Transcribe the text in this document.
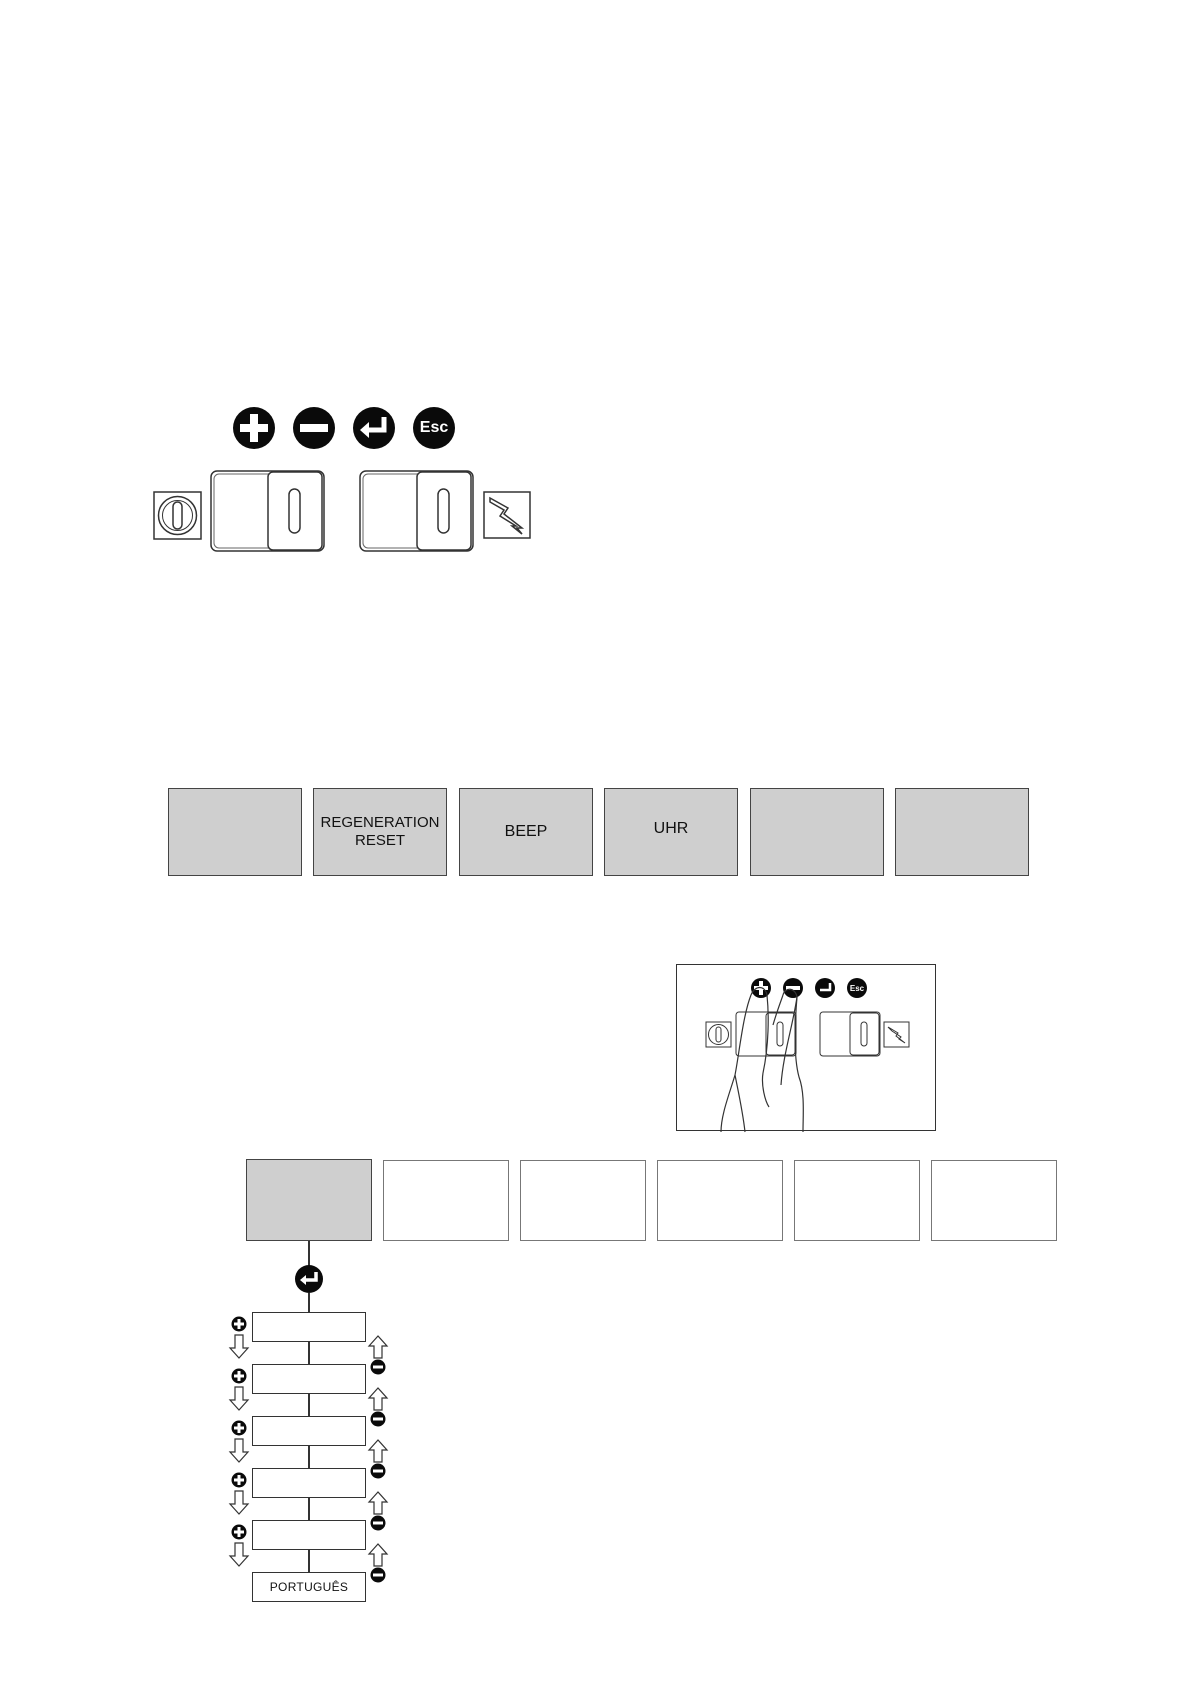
Esc
REGENERATION
RESET
BEEP	UHR
Esc
PORTUGUÊS
